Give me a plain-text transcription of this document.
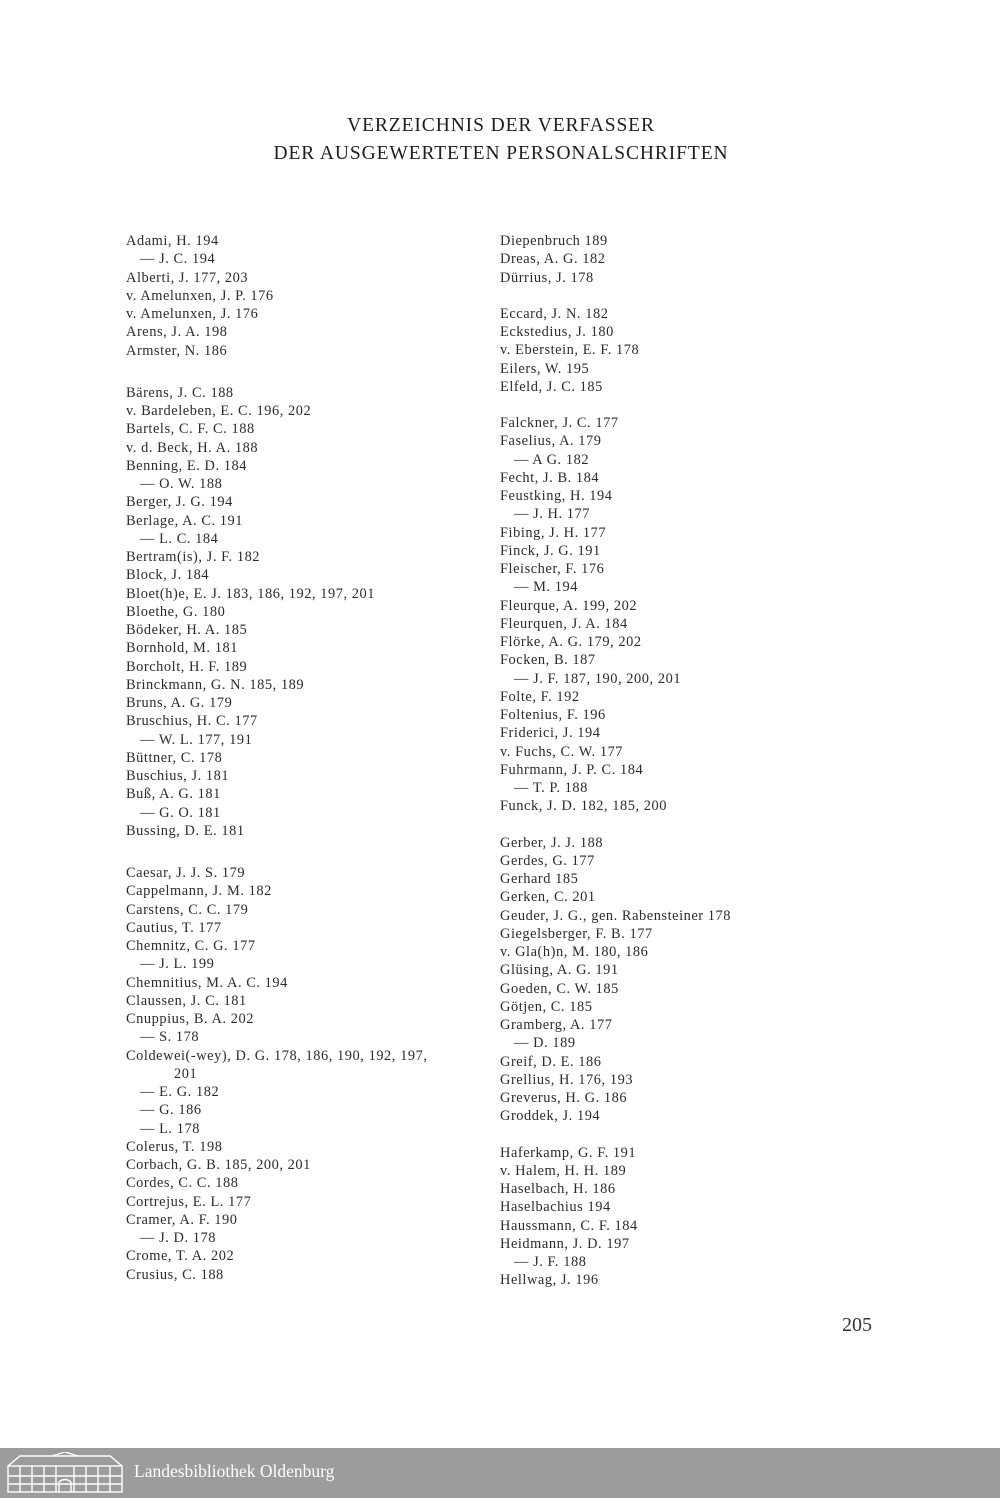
VERZEICHNIS DER VERFASSER
DER AUSGEWERTETEN PERSONALSCHRIFTEN
Adami, H. 194
— J. C. 194
Alberti, J. 177, 203
v. Amelunxen, J. P. 176
v. Amelunxen, J. 176
Arens, J. A. 198
Armster, N. 186
Bärens, J. C. 188
v. Bardeleben, E. C. 196, 202
Bartels, C. F. C. 188
v. d. Beck, H. A. 188
Benning, E. D. 184
— O. W. 188
Berger, J. G. 194
Berlage, A. C. 191
— L. C. 184
Bertram(is), J. F. 182
Block, J. 184
Bloet(h)e, E. J. 183, 186, 192, 197, 201
Bloethe, G. 180
Bödeker, H. A. 185
Bornhold, M. 181
Borcholt, H. F. 189
Brinckmann, G. N. 185, 189
Bruns, A. G. 179
Bruschius, H. C. 177
— W. L. 177, 191
Büttner, C. 178
Buschius, J. 181
Buß, A. G. 181
— G. O. 181
Bussing, D. E. 181
Caesar, J. J. S. 179
Cappelmann, J. M. 182
Carstens, C. C. 179
Cautius, T. 177
Chemnitz, C. G. 177
— J. L. 199
Chemnitius, M. A. C. 194
Claussen, J. C. 181
Cnuppius, B. A. 202
— S. 178
Coldewei(-wey), D. G. 178, 186, 190, 192, 197,
201
— E. G. 182
— G. 186
— L. 178
Colerus, T. 198
Corbach, G. B. 185, 200, 201
Cordes, C. C. 188
Cortrejus, E. L. 177
Cramer, A. F. 190
— J. D. 178
Crome, T. A. 202
Crusius, C. 188
Diepenbruch 189
Dreas, A. G. 182
Dürrius, J. 178
Eccard, J. N. 182
Eckstedius, J. 180
v. Eberstein, E. F. 178
Eilers, W. 195
Elfeld, J. C. 185
Falckner, J. C. 177
Faselius, A. 179
— A G. 182
Fecht, J. B. 184
Feustking, H. 194
— J. H. 177
Fibing, J. H. 177
Finck, J. G. 191
Fleischer, F. 176
— M. 194
Fleurque, A. 199, 202
Fleurquen, J. A. 184
Flörke, A. G. 179, 202
Focken, B. 187
— J. F. 187, 190, 200, 201
Folte, F. 192
Foltenius, F. 196
Friderici, J. 194
v. Fuchs, C. W. 177
Fuhrmann, J. P. C. 184
— T. P. 188
Funck, J. D. 182, 185, 200
Gerber, J. J. 188
Gerdes, G. 177
Gerhard 185
Gerken, C. 201
Geuder, J. G., gen. Rabensteiner 178
Giegelsberger, F. B. 177
v. Gla(h)n, M. 180, 186
Glüsing, A. G. 191
Goeden, C. W. 185
Götjen, C. 185
Gramberg, A. 177
— D. 189
Greif, D. E. 186
Grellius, H. 176, 193
Greverus, H. G. 186
Groddek, J. 194
Haferkamp, G. F. 191
v. Halem, H. H. 189
Haselbach, H. 186
Haselbachius 194
Haussmann, C. F. 184
Heidmann, J. D. 197
— J. F. 188
Hellwag, J. 196
205
Landesbibliothek Oldenburg
